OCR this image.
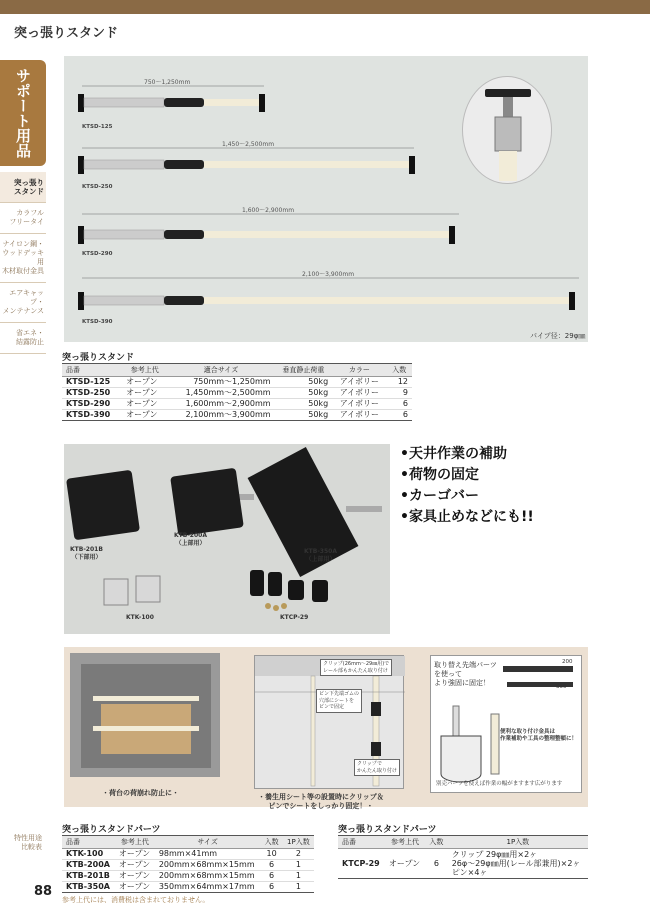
突っ張りスタンド
サポート用品
突っ張り
スタンド
カラフル
フリータイ
ナイロン鋼・
ウッドデッキ用
木材取付金具
エアキャップ・
メンテナンス
省エネ・
結露防止
特性用途
比較表
88
参考上代には、消費税は含まれておりません。
750〜1,250mm
1,450〜2,500mm
1,600〜2,900mm
2,100〜3,900mm
KTSD-125
KTSD-250
KTSD-290
KTSD-390
パイプ径：29φ㎜
突っ張りスタンド
品番	参考上代	適合サイズ	垂直静止荷重	カラー	入数
KTSD-125	オープン	750mm〜1,250mm	50kg	アイボリー	12
KTSD-250	オープン	1,450mm〜2,500mm	50kg	アイボリー	9
KTSD-290	オープン	1,600mm〜2,900mm	50kg	アイボリー	6
KTSD-390	オープン	2,100mm〜3,900mm	50kg	アイボリー	6
KTB-201B
（下部用）
KTB-200A
（上部用）
KTB-350A
（上部用）
KTK-100	KTCP-29
•天井作業の補助
•荷物の固定
•カーゴバー
•家具止めなどにも!!
クリップ(26mm〜29㎜用)で
レール部もかんたん取り付け
ピン下先端ゴムの
穴部にシートを
ピンで固定
クリップで
かんたん取り付け
取り替え先端パーツ
を使って
より強固に固定！
200
350
便利な取り付け金具は
作業補助や工具の整理整頓に！
別売パーツを使えば作業の幅がますます広がります
・荷台の荷崩れ防止に・	・養生用シート等の設置時にクリップ＆
ピンでシートをしっかり固定！・
突っ張りスタンドパーツ
品番	参考上代	サイズ	入数	1P入数
KTK-100	オープン	98mm×41mm	10	2
KTB-200A	オープン	200mm×68mm×15mm	6	1
KTB-201B	オープン	200mm×68mm×15mm	6	1
KTB-350A	オープン	350mm×64mm×17mm	6	1
突っ張りスタンドパーツ
品番	参考上代	入数	1P入数
KTCP-29	オープン	6	クリップ 29φ㎜用×2ヶ
26φ〜29φ㎜用(レール部兼用)×2ヶ
ピン×4ヶ
